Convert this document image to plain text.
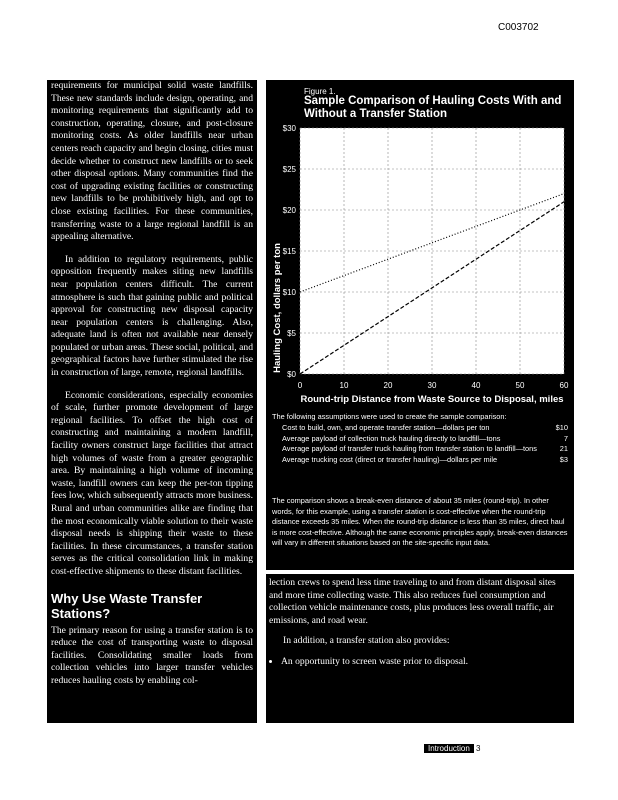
C003702

requirements for municipal solid waste landfills. These new standards include design, operating, and monitoring requirements that significantly add to construction, operating, closure, and post-closure monitoring costs. As older landfills near urban centers reach capacity and begin closing, cities must decide whether to construct new landfills or to seek other disposal options. Many communities find the cost of upgrading existing facilities or constructing new landfills to be prohibitively high, and opt to close existing facilities. For these communities, transferring waste to a large regional landfill is an appealing alternative.

In addition to regulatory requirements, public opposition frequently makes siting new landfills near population centers difficult. The current atmosphere is such that gaining public and political approval for constructing new disposal capacity near population centers is challenging. Also, adequate land is often not available near densely populated or urban areas. These social, political, and geographical factors have further stimulated the rise in construction of large, remote, regional landfills.

Economic considerations, especially economies of scale, further promote development of large regional facilities. To offset the high cost of constructing and maintaining a modern landfill, facility owners construct large facilities that attract high volumes of waste from a greater geographic area. By maintaining a high volume of incoming waste, landfill owners can keep the per-ton tipping fees low, which subsequently attracts more business. Rural and urban communities alike are finding that the most economically viable solution to their waste disposal needs is shipping their waste to these facilities. In these circumstances, a transfer station serves as the critical consolidation link in making cost-effective shipments to these distant facilities.

Why Use Waste Transfer Stations?

The primary reason for using a transfer station is to reduce the cost of transporting waste to disposal facilities. Consolidating smaller loads from collection vehicles into larger transfer vehicles reduces hauling costs by enabling col-

Figure 1.
Sample Comparison of Hauling Costs With and Without a Transfer Station
$0
$5
$10
$15
$20
$25
$30
0	10	20	30	40	50	60
Hauling Cost, dollars per ton
Round-trip Distance from Waste Source to Disposal, miles
The following assumptions were used to create the sample comparison:
Cost to build, own, and operate transfer station—dollars per ton	$10
Average payload of collection truck hauling directly to landfill—tons	7
Average payload of transfer truck hauling from transfer station to landfill—tons	21
Average trucking cost (direct or transfer hauling)—dollars per mile	$3
The comparison shows a break-even distance of about 35 miles (round-trip). In other words, for this example, using a transfer station is cost-effective when the round-trip distance exceeds 35 miles. When the round-trip distance is less than 35 miles, direct haul is more cost-effective. Although the same economic principles apply, break-even distances will vary in different situations based on the site-specific input data.

lection crews to spend less time traveling to and from distant disposal sites and more time collecting waste. This also reduces fuel consumption and collection vehicle maintenance costs, plus produces less overall traffic, air emissions, and road wear.

In addition, a transfer station also provides:

• An opportunity to screen waste prior to disposal.
Introduction 3
